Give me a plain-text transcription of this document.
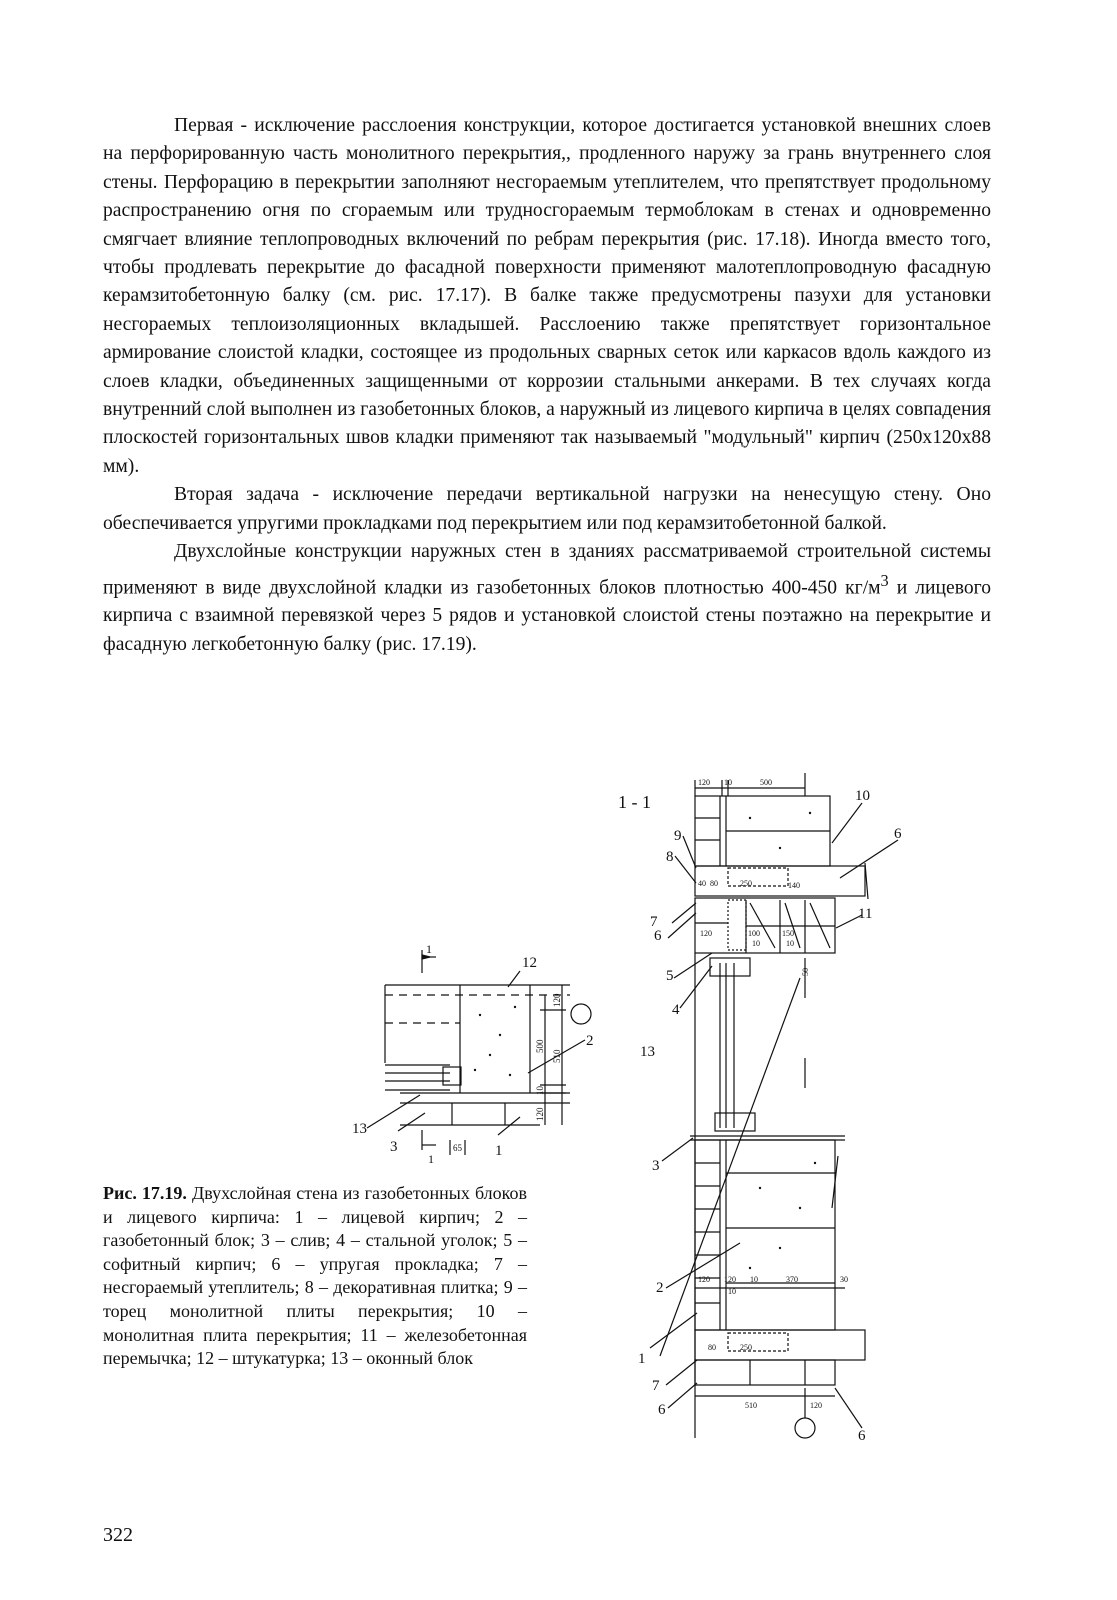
Первая - исключение расслоения конструкции, которое достигается установкой внешних слоев на перфорированную часть монолитного перекрытия,, продленного наружу за грань внутреннего слоя стены. Перфорацию в перекрытии заполняют несгораемым утеплителем, что препятствует продольному распространению огня по сгораемым или трудносгораемым термоблокам в стенах и одновременно смягчает влияние теплопроводных включений по ребрам перекрытия (рис. 17.18). Иногда вместо того, чтобы продлевать перекрытие до фасадной поверхности применяют малотеплопроводную фасадную керамзитобетонную балку (см. рис. 17.17). В балке также предусмотрены пазухи для установки несгораемых теплоизоляционных вкладышей. Расслоению также препятствует горизонтальное армирование слоистой кладки, состоящее из продольных сварных сеток или каркасов вдоль каждого из слоев кладки, объединенных защищенными от коррозии стальными анкерами. В тех случаях когда внутренний слой выполнен из газобетонных блоков, а наружный из лицевого кирпича в целях совпадения плоскостей горизонтальных швов кладки применяют так называемый "модульный" кирпич (250х120х88 мм).

Вторая задача - исключение передачи вертикальной нагрузки на ненесущую стену. Оно обеспечивается упругими прокладками под перекрытием или под керамзитобетонной балкой.

Двухслойные конструкции наружных стен в зданиях рассматриваемой строительной системы применяют в виде двухслойной кладки из газобетонных блоков плотностью 400-450 $кг/м^3$ и лицевого кирпича с взаимной перевязкой через 5 рядов и установкой слоистой стены поэтажно на перекрытие и фасадную легкобетонную балку (рис. 17.19).

1
1
12
2
13
3	1
120
500
10
510
120
65
1 - 1
120 10	500
10
6
11
6
9
8
7
6
5
4
13
3
2
1
7
6
40 80	250	140
120	100	150
10	10
50
120 120 10	370	30
10
80	250
510	120
Рис. 17.19. Двухслойная стена из газобетонных блоков и лицевого кирпича: 1 – лицевой кирпич; 2 – газобетонный блок; 3 – слив; 4 – стальной уголок; 5 – софитный кирпич; 6 – упругая прокладка; 7 – несгораемый утеплитель; 8 – декоративная плитка; 9 – торец монолитной плиты перекрытия; 10 – монолитная плита перекрытия; 11 – железобетонная перемычка; 12 – штукатурка; 13 – оконный блок
322
